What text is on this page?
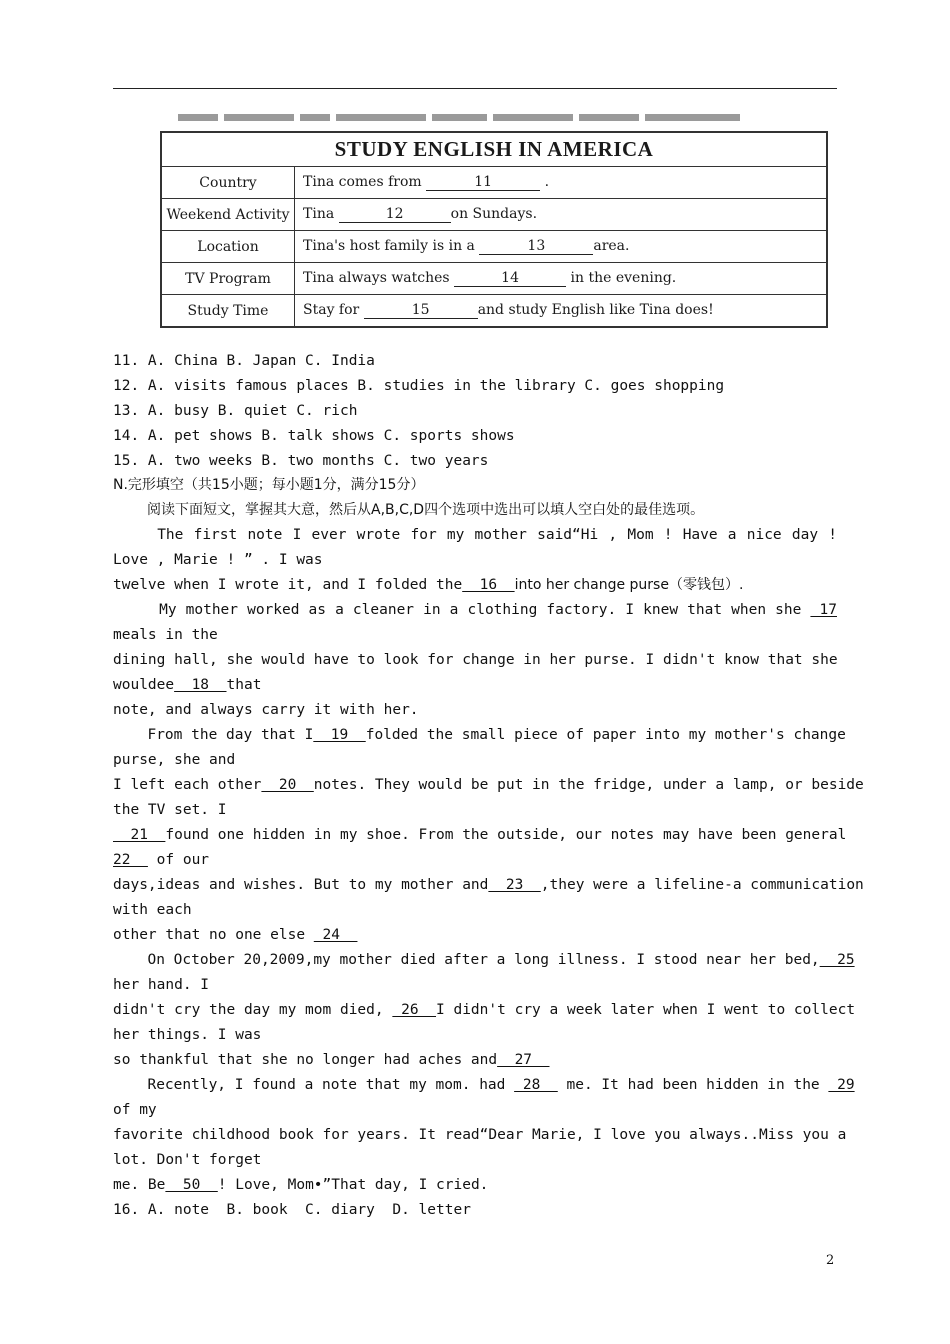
STUDY ENGLISH IN AMERICA	
Country	Tina comes from 11 .
Weekend Activity	Tina 12 on Sundays.
Location	Tina's host family is in a 13 area.
TV Program	Tina always watches 14 in the evening.
Study Time	Stay for 15 and study English like Tina does!
11. A. China B. Japan C. India
12. A. visits famous places B. studies in the library C. goes shopping
13. A. busy B. quiet C. rich
14. A. pet shows B. talk shows C. sports shows
15. A. two weeks B. two months C. two years
N.完形填空（共15小题；每小题1分，满分15分）
阅读下面短文，掌握其大意，然后从A,B,C,D四个选项中选出可以填人空白处的最佳选项。
The first note I ever wrote for my mother said“Hi , Mom ! Have a nice day !
Love , Marie ! ” . I was
twelve when I wrote it, and I folded the  16  into her change purse（零钱包）.
My mother worked as a cleaner in a clothing factory. I knew that when she  17
meals in the
dining hall, she would have to look for change in her purse. I didn't know that she
wouldee  18  that
note, and always carry it with her.
From the day that I  19  folded the small piece of paper into my mother's change
purse, she and
I left each other  20  notes. They would be put in the fridge, under a lamp, or beside
the TV set. I
21  found one hidden in my shoe. From the outside, our notes may have been general
22   of our
days,ideas and wishes. But to my mother and  23  ,they were a lifeline-a communication
with each
other that no one else  24
On October 20,2009,my mother died after a long illness. I stood near her bed,  25
her hand. I
didn't cry the day my mom died,  26  I didn't cry a week later when I went to collect
her things. I was
so thankful that she no longer had aches and  27
Recently, I found a note that my mom. had  28   me. It had been hidden in the  29
of my
favorite childhood book for years. It read“Dear Marie, I love you always..Miss you a
lot. Don't forget
me. Be  50  ! Love, Mom•”That day, I cried.
16. A. note  B. book  C. diary  D. letter
2
